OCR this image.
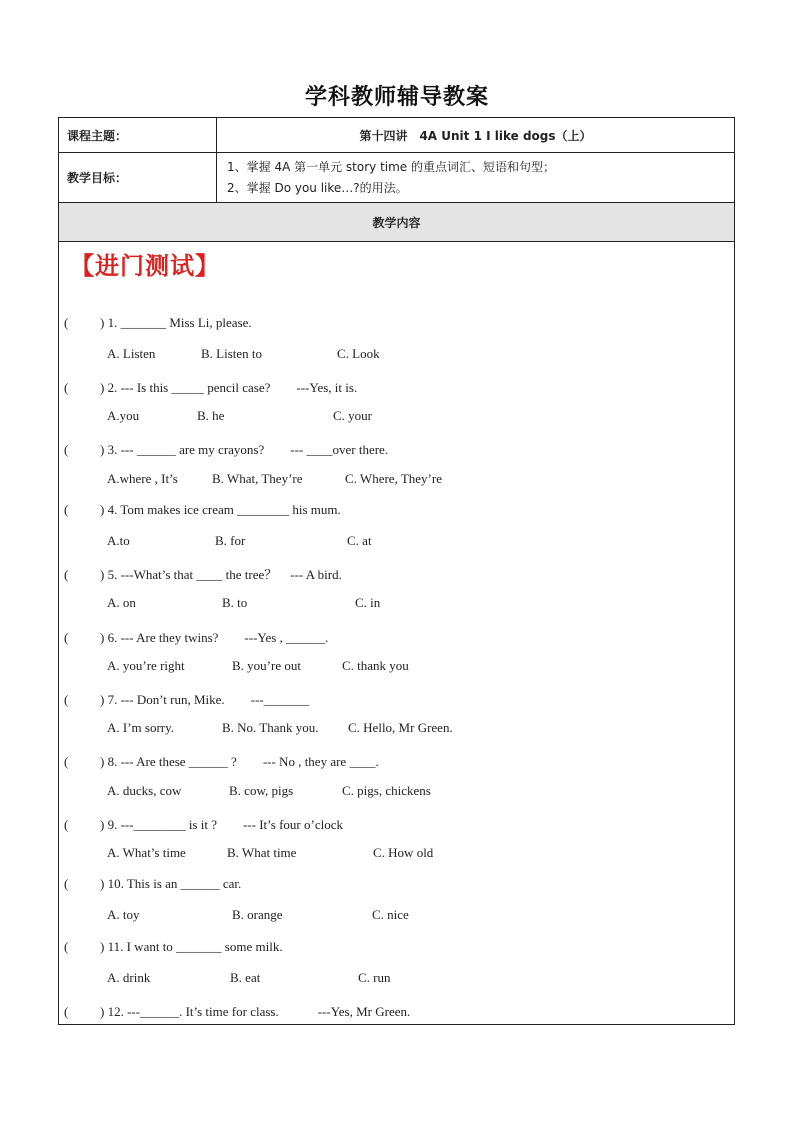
学科教师辅导教案
课程主题：	第十四讲　4A Unit 1 I like dogs（上）
教学目标：
1、掌握 4A 第一单元 story time 的重点词汇、短语和句型；
2、掌握 Do you like…?的用法。
教学内容
【进门测试】
( ) 1. _______ Miss Li, please.
A. Listen	B. Listen to	C. Look
( ) 2. --- Is this _____ pencil case?　　---Yes, it is.
A.you	B. he	C. your
( ) 3. --- ______ are my crayons?　　--- ____over there.
A.where , It’s	B. What, They’re	C. Where, They’re
( ) 4. Tom makes ice cream ________ his mum.
A.to	B. for	C. at
( ) 5. ---What’s that ____ the tree？　--- A bird.
A. on	B. to	C. in
( ) 6. --- Are they twins?　　---Yes , ______.
A. you’re right	B. you’re out	C. thank you
( ) 7. --- Don’t run, Mike.　　---_______
A. I’m sorry.	B. No. Thank you. C. Hello, Mr Green.
( ) 8. --- Are these ______ ?　　--- No , they are ____.
A. ducks, cow	B. cow, pigs	C. pigs, chickens
( ) 9. ---________ is it ?　　--- It’s four o’clock
A. What’s time	B. What time	C. How old
( ) 10. This is an ______ car.
A. toy	B. orange	C. nice
( ) 11. I want to _______ some milk.
A. drink	B. eat	C. run
( ) 12. ---______. It’s time for class.　　　---Yes, Mr Green.
